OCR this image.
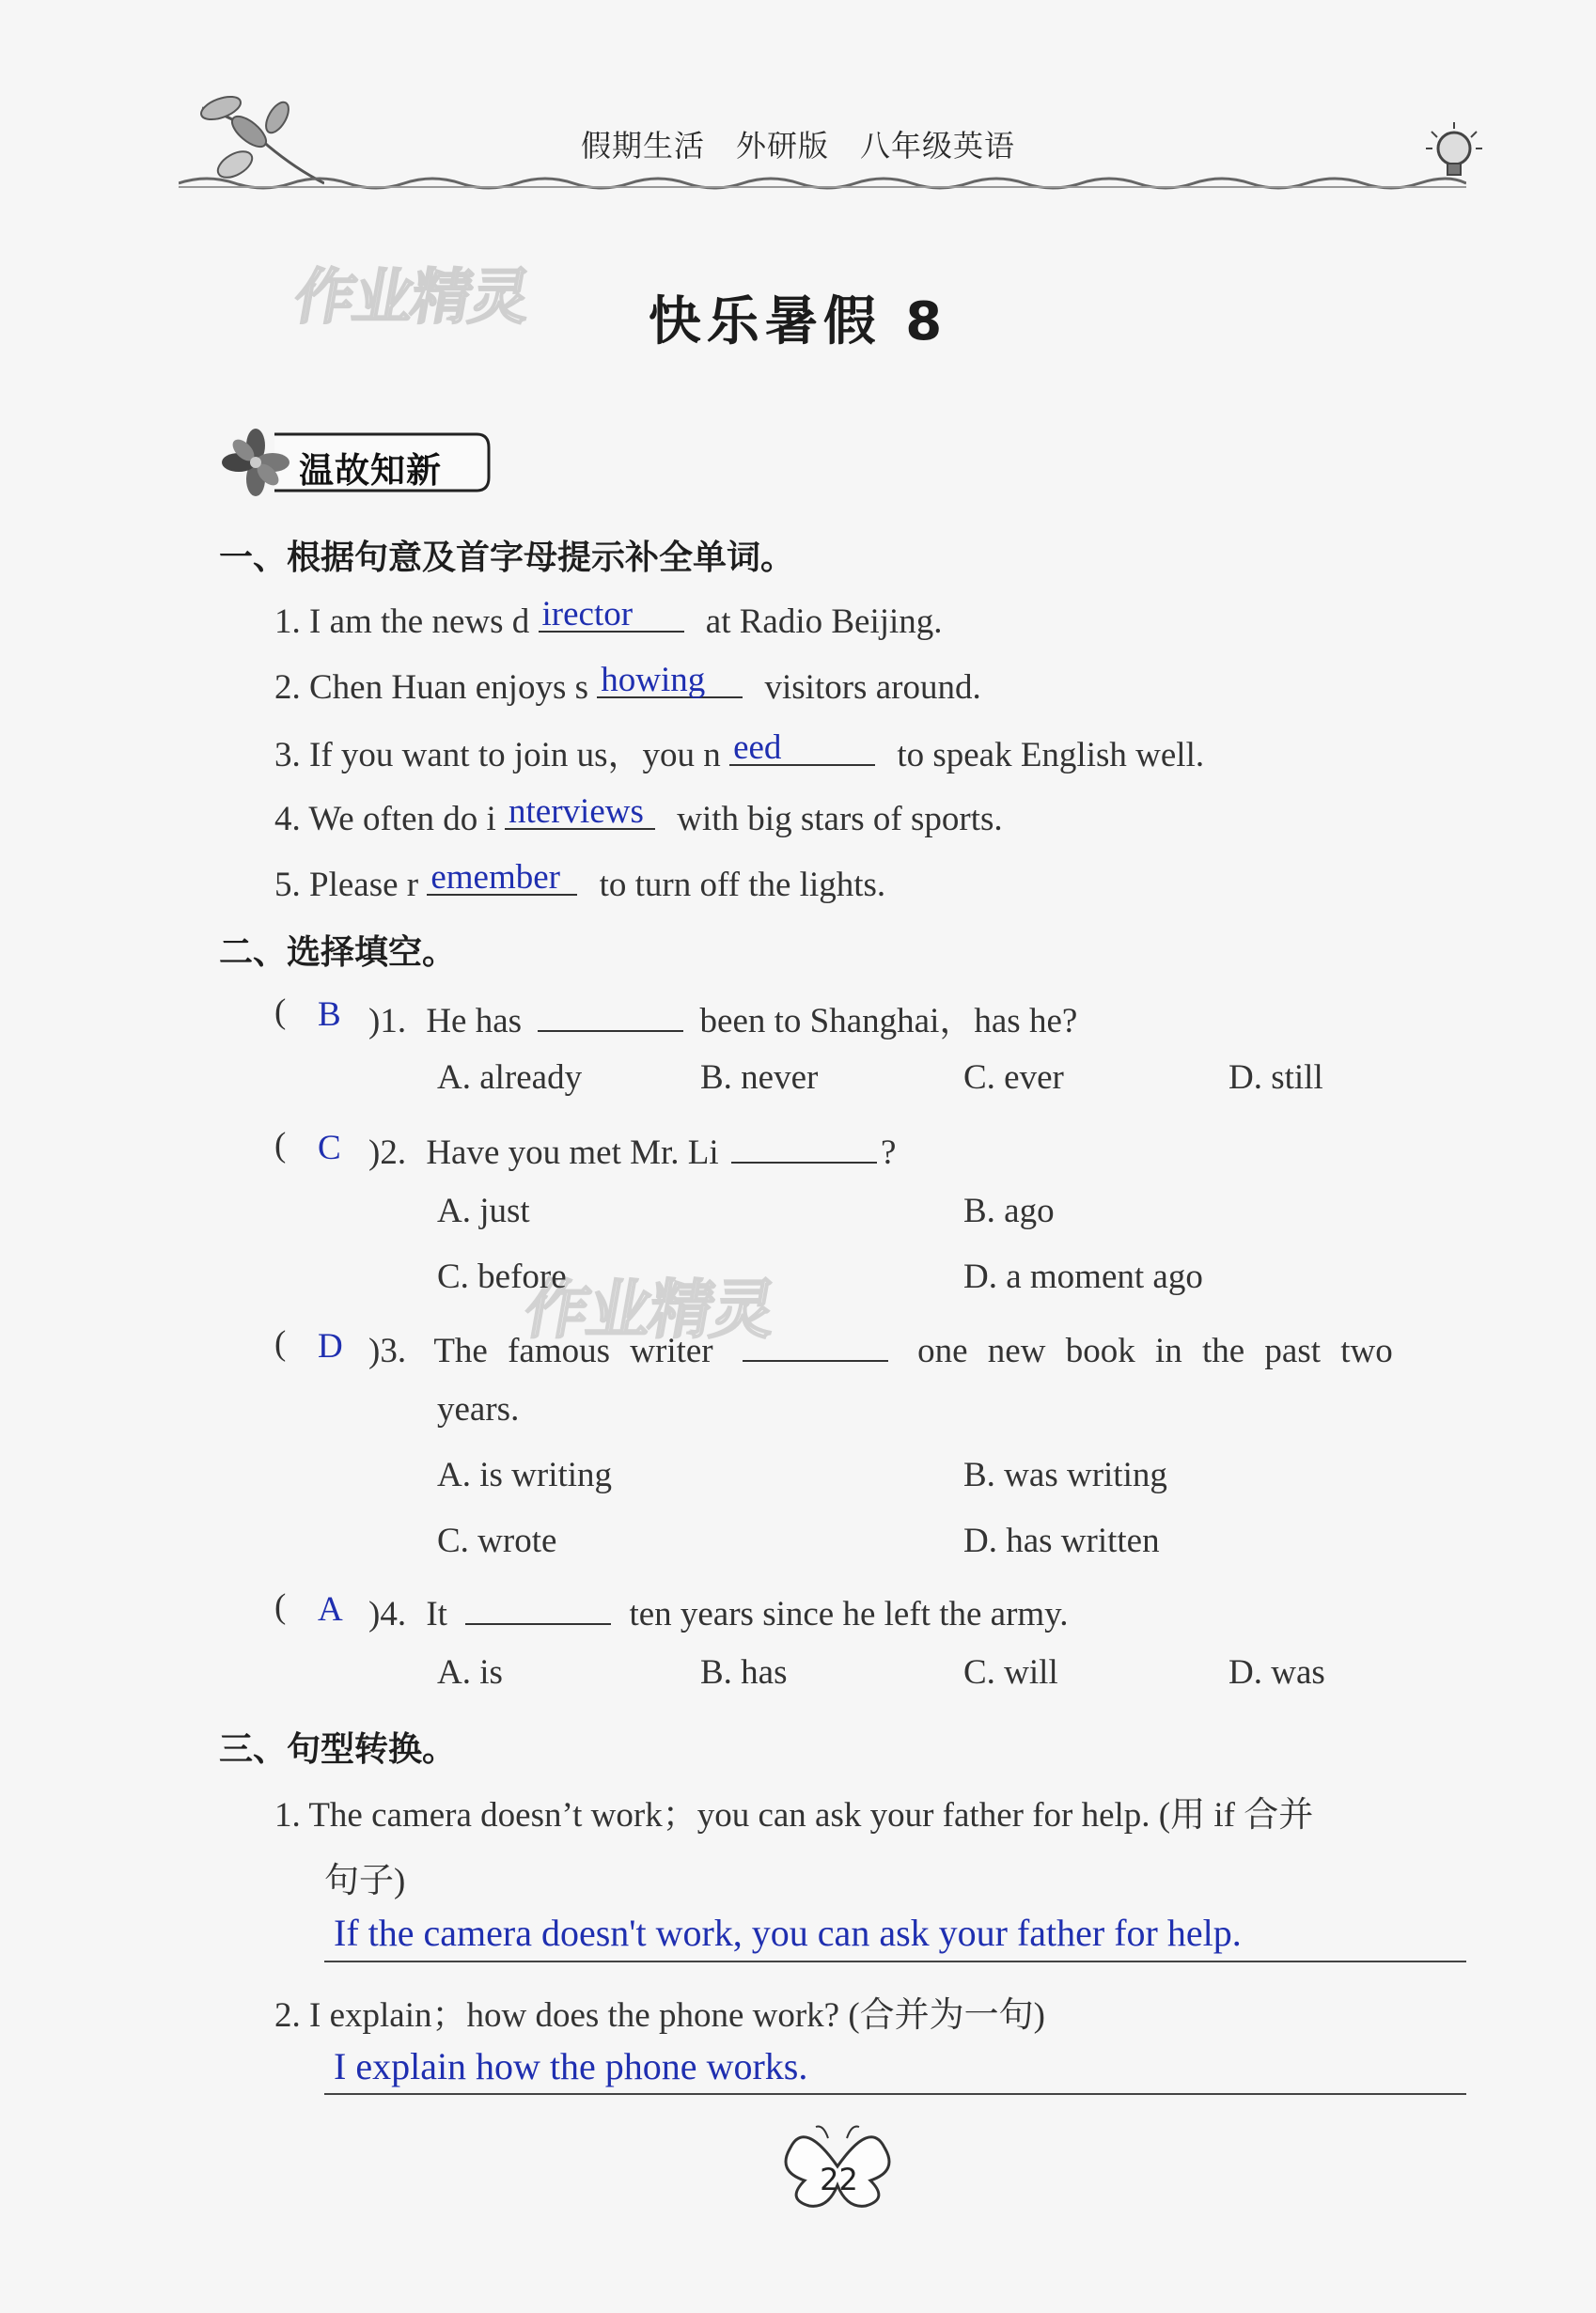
假期生活　外研版　八年级英语
作业精灵
作业精灵
快乐暑假 8
温故知新
一、根据句意及首字母提示补全单词。
1. I am the news d irector at Radio Beijing.
2. Chen Huan enjoys s howing visitors around.
3. If you want to join us，you n eed	to speak English well.
4. We often do i nterviews with big stars of sports.
5. Please r emember to turn off the lights.
二、选择填空。
( B )1. He has	been to Shanghai，has he?
A. already	B. never	C. ever	D. still
( C )2. Have you met Mr. Li	?
A. just	B. ago
C. before	D. a moment ago
( D )3. The famous writer	one new book in the past two
years.
A. is writing	B. was writing
C. wrote	D. has written
( A )4. It	ten years since he left the army.
A. is	B. has	C. will	D. was
三、句型转换。
1. The camera doesn’t work；you can ask your father for help. (用 if 合并
句子)
If the camera doesn't work, you can ask your father for help.
2. I explain；how does the phone work? (合并为一句)
I explain how the phone works.
22
